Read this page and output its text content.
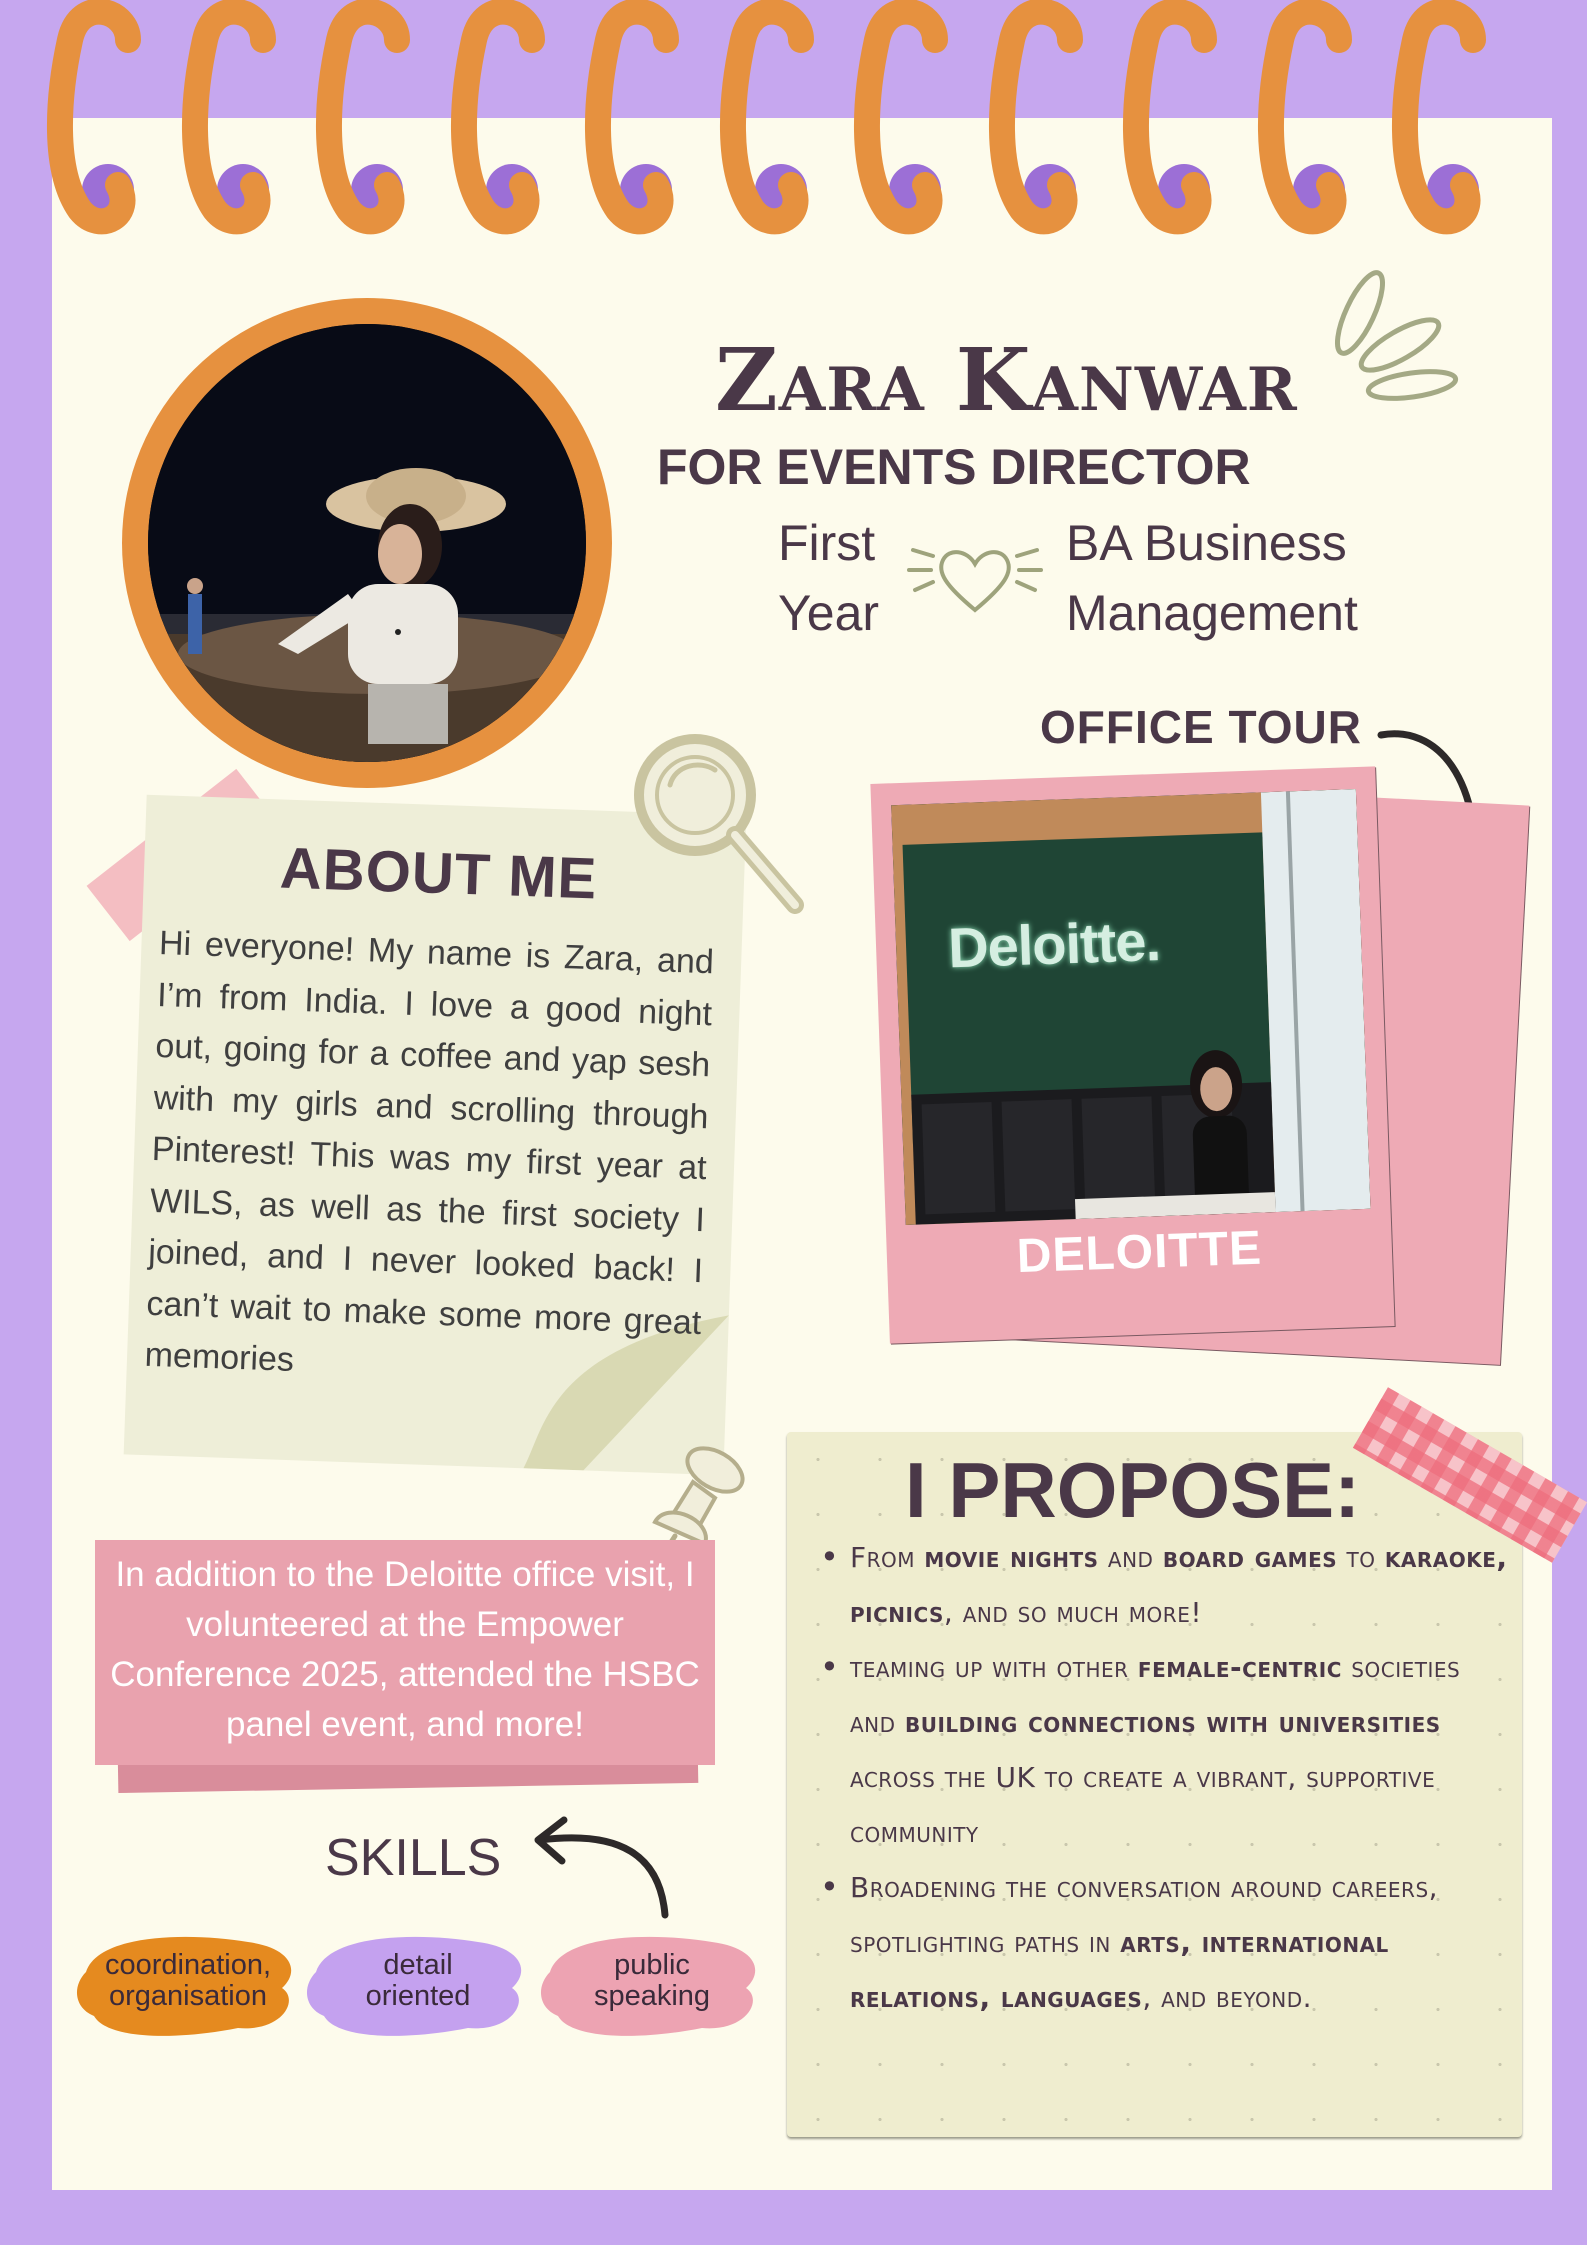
Zara Kanwar
FOR EVENTS DIRECTOR
First
Year
BA Business
Management
ABOUT ME
Hi everyone! My name is Zara, and I’m from India. I love a good night out, going for a coffee and yap sesh with my girls and scrolling through Pinterest! This was my first year at WILS, as well as the first society I joined, and I never looked back! I can’t wait to make some more great memories
OFFICE TOUR
Deloitte.
DELOITTE
In addition to the Deloitte office visit, I volunteered at the Empower Conference 2025, attended the HSBC panel event, and more!
SKILLS
coordination,
organisation
detail
oriented
public
speaking
I PROPOSE:
• From movie nights and board games to karaoke, picnics, and so much more!
• teaming up with other female-centric societies and building connections with universities across the UK to create a vibrant, supportive community
• Broadening the conversation around careers, spotlighting paths in arts, international relations, languages, and beyond.
